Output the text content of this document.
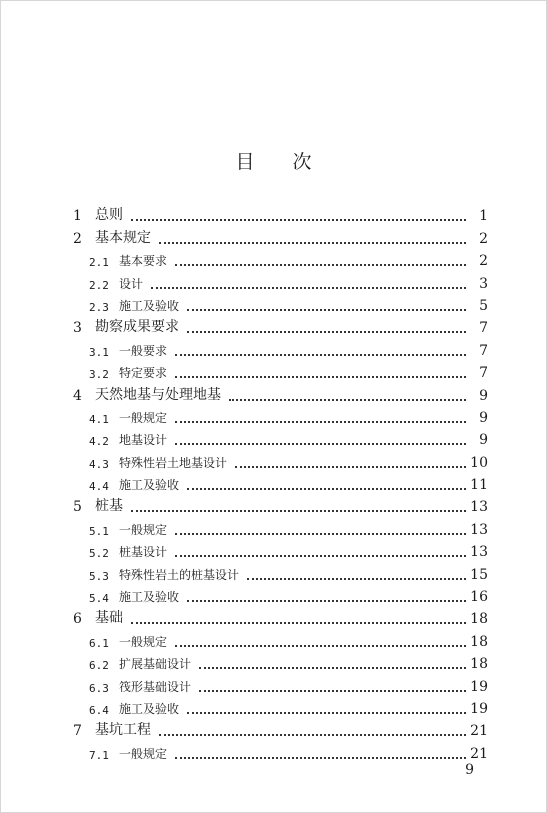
目次
1 总则	1
2 基本规定	2
2.1 基本要求	2
2.2 设计	3
2.3 施工及验收	5
3 勘察成果要求	7
3.1 一般要求	7
3.2 特定要求	7
4 天然地基与处理地基	9
4.1 一般规定	9
4.2 地基设计	9
4.3 特殊性岩土地基设计	10
4.4 施工及验收	11
5 桩基	13
5.1 一般规定	13
5.2 桩基设计	13
5.3 特殊性岩土的桩基设计	15
5.4 施工及验收	16
6 基础	18
6.1 一般规定	18
6.2 扩展基础设计	18
6.3 筏形基础设计	19
6.4 施工及验收	19
7 基坑工程	21
7.1 一般规定	21
9
